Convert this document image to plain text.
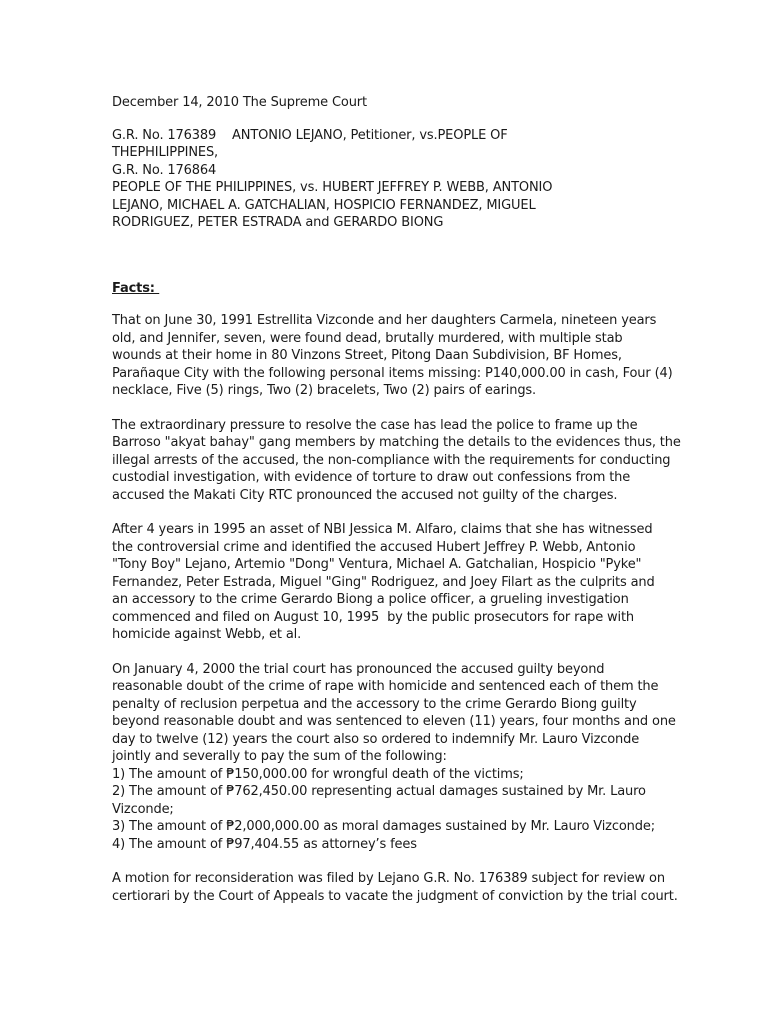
December 14, 2010 The Supreme Court
G.R. No. 176389    ANTONIO LEJANO, Petitioner, vs.PEOPLE OF
THEPHILIPPINES,
G.R. No. 176864
PEOPLE OF THE PHILIPPINES, vs. HUBERT JEFFREY P. WEBB, ANTONIO
LEJANO, MICHAEL A. GATCHALIAN, HOSPICIO FERNANDEZ, MIGUEL
RODRIGUEZ, PETER ESTRADA and GERARDO BIONG
Facts:
That on June 30, 1991 Estrellita Vizconde and her daughters Carmela, nineteen years
old, and Jennifer, seven, were found dead, brutally murdered, with multiple stab
wounds at their home in 80 Vinzons Street, Pitong Daan Subdivision, BF Homes,
Parañaque City with the following personal items missing: P140,000.00 in cash, Four (4)
necklace, Five (5) rings, Two (2) bracelets, Two (2) pairs of earings.
The extraordinary pressure to resolve the case has lead the police to frame up the
Barroso "akyat bahay" gang members by matching the details to the evidences thus, the
illegal arrests of the accused, the non-compliance with the requirements for conducting
custodial investigation, with evidence of torture to draw out confessions from the
accused the Makati City RTC pronounced the accused not guilty of the charges.
After 4 years in 1995 an asset of NBI Jessica M. Alfaro, claims that she has witnessed
the controversial crime and identified the accused Hubert Jeffrey P. Webb, Antonio
"Tony Boy" Lejano, Artemio "Dong" Ventura, Michael A. Gatchalian, Hospicio "Pyke"
Fernandez, Peter Estrada, Miguel "Ging" Rodriguez, and Joey Filart as the culprits and
an accessory to the crime Gerardo Biong a police officer, a grueling investigation
commenced and filed on August 10, 1995  by the public prosecutors for rape with
homicide against Webb, et al.
On January 4, 2000 the trial court has pronounced the accused guilty beyond
reasonable doubt of the crime of rape with homicide and sentenced each of them the
penalty of reclusion perpetua and the accessory to the crime Gerardo Biong guilty
beyond reasonable doubt and was sentenced to eleven (11) years, four months and one
day to twelve (12) years the court also so ordered to indemnify Mr. Lauro Vizconde
jointly and severally to pay the sum of the following:
1) The amount of ₱150,000.00 for wrongful death of the victims;
2) The amount of ₱762,450.00 representing actual damages sustained by Mr. Lauro
Vizconde;
3) The amount of ₱2,000,000.00 as moral damages sustained by Mr. Lauro Vizconde;
4) The amount of ₱97,404.55 as attorney’s fees
A motion for reconsideration was filed by Lejano G.R. No. 176389 subject for review on
certiorari by the Court of Appeals to vacate the judgment of conviction by the trial court.
